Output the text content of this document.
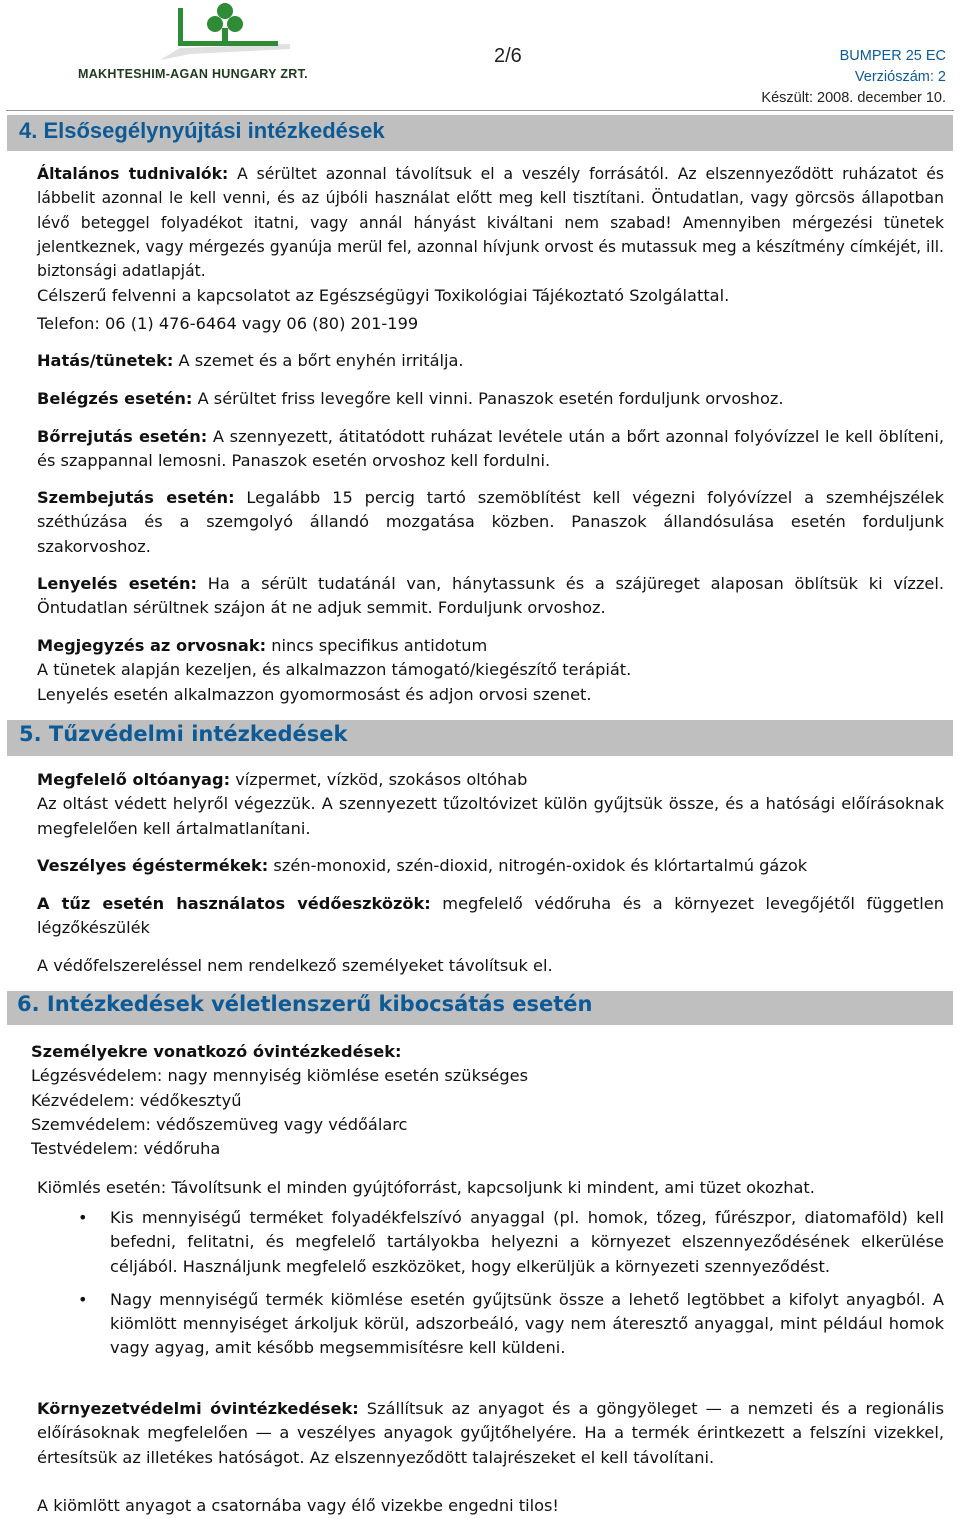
MAKHTESHIM-AGAN HUNGARY ZRT.
2/6	BUMPER 25 EC
Verziószám: 2
Készült: 2008. december 10.
4. Elsősegélynyújtási intézkedések
Általános tudnivalók: A sérültet azonnal távolítsuk el a veszély forrásától. Az elszennyeződött ruházatot és lábbelit azonnal le kell venni, és az újbóli használat előtt meg kell tisztítani. Öntudatlan, vagy görcsös állapotban lévő beteggel folyadékot itatni, vagy annál hányást kiváltani nem szabad! Amennyiben mérgezési tünetek jelentkeznek, vagy mérgezés gyanúja merül fel, azonnal hívjunk orvost és mutassuk meg a készítmény címkéjét, ill. biztonsági adatlapját.
Célszerű felvenni a kapcsolatot az Egészségügyi Toxikológiai Tájékoztató Szolgálattal.
Telefon: 06 (1) 476-6464 vagy 06 (80) 201-199
Hatás/tünetek: A szemet és a bőrt enyhén irritálja.
Belégzés esetén: A sérültet friss levegőre kell vinni. Panaszok esetén forduljunk orvoshoz.
Bőrrejutás esetén: A szennyezett, átitatódott ruházat levétele után a bőrt azonnal folyóvízzel le kell öblíteni, és szappannal lemosni. Panaszok esetén orvoshoz kell fordulni.
Szembejutás esetén: Legalább 15 percig tartó szemöblítést kell végezni folyóvízzel a szemhéjszélek széthúzása és a szemgolyó állandó mozgatása közben. Panaszok állandósulása esetén forduljunk szakorvoshoz.
Lenyelés esetén: Ha a sérült tudatánál van, hánytassunk és a szájüreget alaposan öblítsük ki vízzel. Öntudatlan sérültnek szájon át ne adjuk semmit. Forduljunk orvoshoz.
Megjegyzés az orvosnak: nincs specifikus antidotum
A tünetek alapján kezeljen, és alkalmazzon támogató/kiegészítő terápiát.
Lenyelés esetén alkalmazzon gyomormosást és adjon orvosi szenet.
5. Tűzvédelmi intézkedések
Megfelelő oltóanyag: vízpermet, vízköd, szokásos oltóhab
Az oltást védett helyről végezzük. A szennyezett tűzoltóvizet külön gyűjtsük össze, és a hatósági előírásoknak megfelelően kell ártalmatlanítani.
Veszélyes égéstermékek: szén-monoxid, szén-dioxid, nitrogén-oxidok és klórtartalmú gázok
A tűz esetén használatos védőeszközök: megfelelő védőruha és a környezet levegőjétől független légzőkészülék
A védőfelszereléssel nem rendelkező személyeket távolítsuk el.
6. Intézkedések véletlenszerű kibocsátás esetén
Személyekre vonatkozó óvintézkedések:
Légzésvédelem: nagy mennyiség kiömlése esetén szükséges
Kézvédelem: védőkesztyű
Szemvédelem: védőszemüveg vagy védőálarc
Testvédelem: védőruha
Kiömlés esetén: Távolítsunk el minden gyújtóforrást, kapcsoljunk ki mindent, ami tüzet okozhat.
• Kis mennyiségű terméket folyadékfelszívó anyaggal (pl. homok, tőzeg, fűrészpor, diatomaföld) kell befedni, felitatni, és megfelelő tartályokba helyezni a környezet elszennyeződésének elkerülése céljából. Használjunk megfelelő eszközöket, hogy elkerüljük a környezeti szennyeződést.
• Nagy mennyiségű termék kiömlése esetén gyűjtsünk össze a lehető legtöbbet a kifolyt anyagból. A kiömlött mennyiséget árkoljuk körül, adszorbeáló, vagy nem áteresztő anyaggal, mint például homok vagy agyag, amit később megsemmisítésre kell küldeni.
Környezetvédelmi óvintézkedések: Szállítsuk az anyagot és a göngyöleget — a nemzeti és a regionális előírásoknak megfelelően — a veszélyes anyagok gyűjtőhelyére. Ha a termék érintkezett a felszíni vizekkel, értesítsük az illetékes hatóságot. Az elszennyeződött talajrészeket el kell távolítani.
A kiömlött anyagot a csatornába vagy élő vizekbe engedni tilos!
